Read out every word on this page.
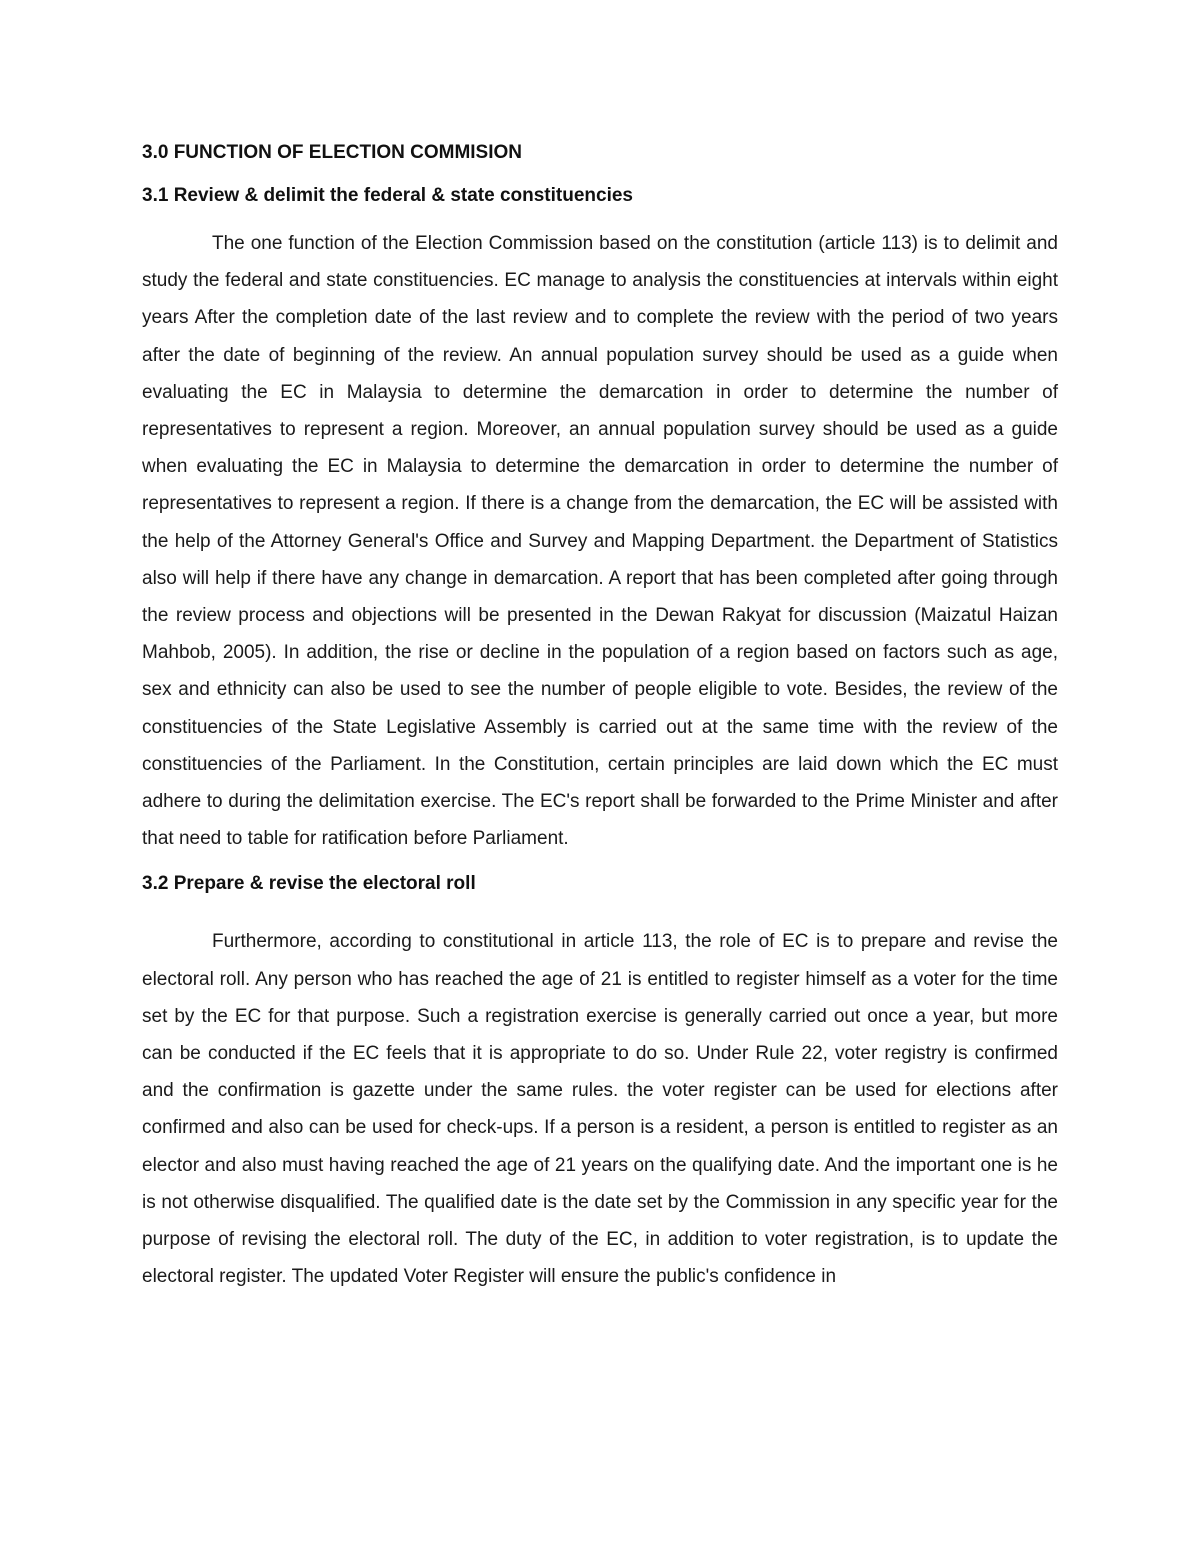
3.0 FUNCTION OF ELECTION COMMISION
3.1 Review & delimit the federal & state constituencies

The one function of the Election Commission based on the constitution (article 113) is to delimit and study the federal and state constituencies. EC manage to analysis the constituencies at intervals within eight years After the completion date of the last review and to complete the review with the period of two years after the date of beginning of the review. An annual population survey should be used as a guide when evaluating the EC in Malaysia to determine the demarcation in order to determine the number of representatives to represent a region. Moreover, an annual population survey should be used as a guide when evaluating the EC in Malaysia to determine the demarcation in order to determine the number of representatives to represent a region. If there is a change from the demarcation, the EC will be assisted with the help of the Attorney General's Office and Survey and Mapping Department. the Department of Statistics also will help if there have any change in demarcation. A report that has been completed after going through the review process and objections will be presented in the Dewan Rakyat for discussion (Maizatul Haizan Mahbob, 2005). In addition, the rise or decline in the population of a region based on factors such as age, sex and ethnicity can also be used to see the number of people eligible to vote. Besides, the review of the constituencies of the State Legislative Assembly is carried out at the same time with the review of the constituencies of the Parliament. In the Constitution, certain principles are laid down which the EC must adhere to during the delimitation exercise. The EC's report shall be forwarded to the Prime Minister and after that need to table for ratification before Parliament.

3.2 Prepare & revise the electoral roll

Furthermore, according to constitutional in article 113, the role of EC is to prepare and revise the electoral roll. Any person who has reached the age of 21 is entitled to register himself as a voter for the time set by the EC for that purpose. Such a registration exercise is generally carried out once a year, but more can be conducted if the EC feels that it is appropriate to do so. Under Rule 22, voter registry is confirmed and the confirmation is gazette under the same rules. the voter register can be used for elections after confirmed and also can be used for check-ups. If a person is a resident, a person is entitled to register as an elector and also must having reached the age of 21 years on the qualifying date. And the important one is he is not otherwise disqualified. The qualified date is the date set by the Commission in any specific year for the purpose of revising the electoral roll. The duty of the EC, in addition to voter registration, is to update the electoral register. The updated Voter Register will ensure the public's confidence in
